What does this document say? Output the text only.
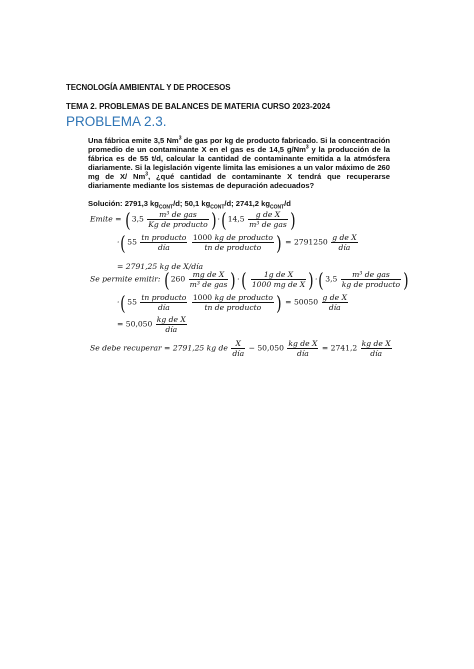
TECNOLOGÍA AMBIENTAL Y DE PROCESOS
TEMA 2. PROBLEMAS DE BALANCES DE MATERIA CURSO 2023-2024
PROBLEMA 2.3.

Una fábrica emite 3,5 Nm$^3$ de gas por kg de producto fabricado. Si la concentración promedio de un contaminante X en el gas es de 14,5 g/Nm$^3$ y la producción de la fábrica es de 55 t/d, calcular la cantidad de contaminante emitida a la atmósfera diariamente. Si la legislación vigente limita las emisiones a un valor máximo de 260 mg de X/ Nm$^3$, ¿qué cantidad de contaminante X tendrá que recuperarse diariamente mediante los sistemas de depuración adecuados?

Solución: 2791,3 $kg_{CONT}/d$; 50,1 $kg_{CONT}/d$; 2741,2 $kg_{CONT}/d$
Emite = $(3,5 \frac{\text{m³ de gas}}{\text{Kg de producto}} )\cdot(14,5 \frac{\text{g de X}}{\text{m³ de gas}}$ )
$\cdot(55 \frac{\text{tn producto}}{\text{día}}$
$\frac{\text{1000 kg de producto}}{\text{tn de producto}}$ ) = $2791250 \frac{\text{g de X}}{\text{día}}$
= 2791,25 kg de X/día
Se permite emitir: ($260 \frac{\text{mg de X}}{\text{m³ de gas}}$ )·( $\frac{\text{1g de X}}{\text{1000 mg de X}} )\cdot(3,5 \frac{\text{m³ de gas}}{\text{kg de producto}}$ )
$\cdot(55 \frac{\text{tn producto}}{\text{día}}$
$\frac{\text{1000 kg de producto}}{\text{tn de producto}}$ ) = $50050 \frac{\text{g de X}}{\text{día}}$
= $50,050 \frac{\text{kg de X}}{\text{día}}$
Se debe recuperar = 2791,25 kg de $\frac{X}{\text{día}} - 50,050 \frac{\text{kg de X}}{\text{día}} = 2741,2 \frac{\text{kg de X}}{\text{día}}$
